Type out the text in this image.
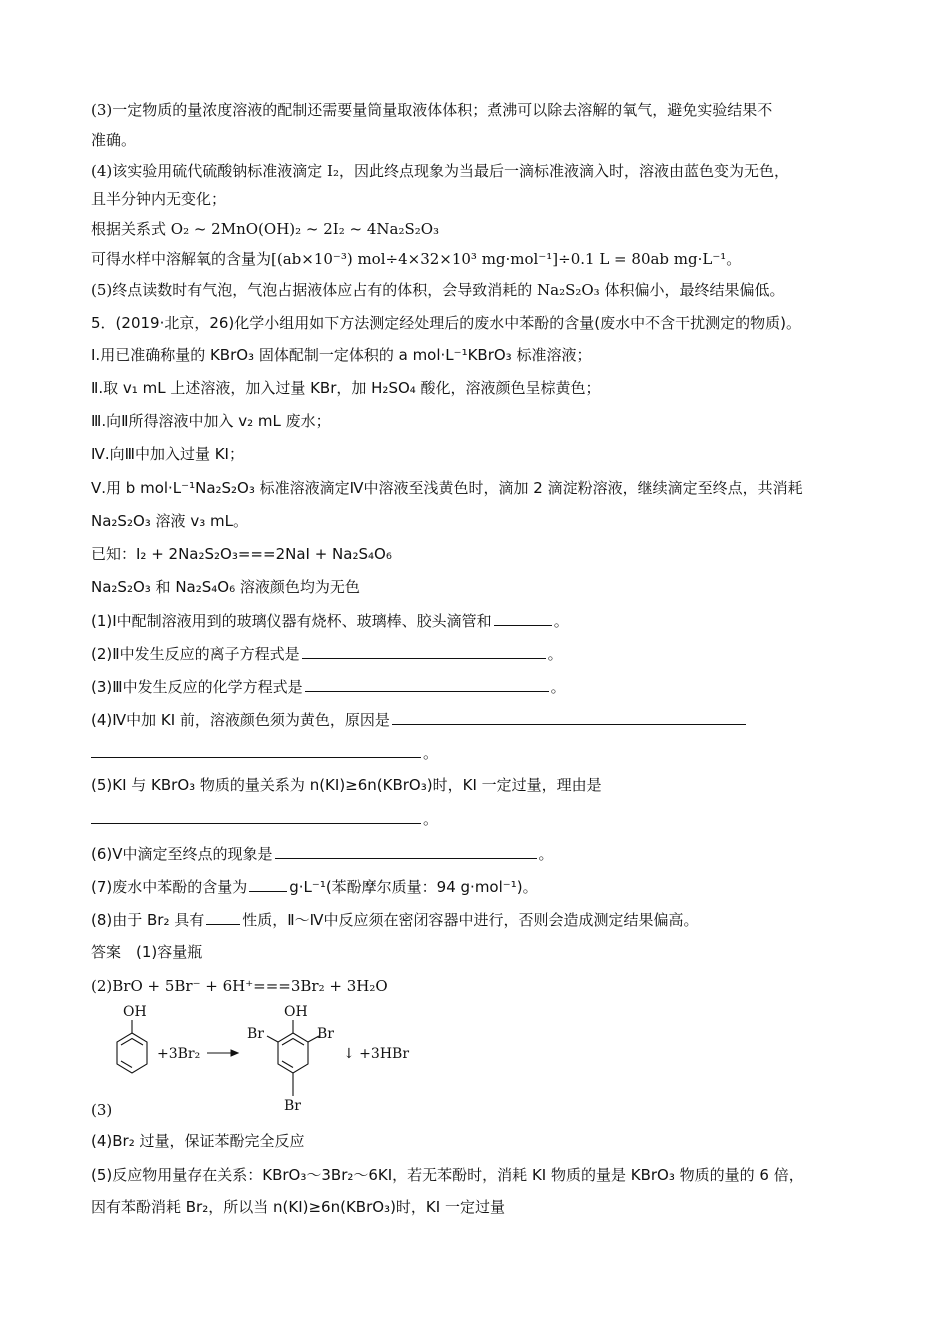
(3)一定物质的量浓度溶液的配制还需要量筒量取液体体积；煮沸可以除去溶解的氧气，避免实验结果不
准确。
(4)该实验用硫代硫酸钠标准液滴定 I₂，因此终点现象为当最后一滴标准液滴入时，溶液由蓝色变为无色，
且半分钟内无变化；
根据关系式 O₂ ~ 2MnO(OH)₂ ~ 2I₂ ~ 4Na₂S₂O₃
可得水样中溶解氧的含量为[(ab×10⁻³) mol÷4×32×10³ mg·mol⁻¹]÷0.1 L = 80ab mg·L⁻¹。
(5)终点读数时有气泡，气泡占据液体应占有的体积，会导致消耗的 Na₂S₂O₃ 体积偏小，最终结果偏低。
5．(2019·北京，26)化学小组用如下方法测定经处理后的废水中苯酚的含量(废水中不含干扰测定的物质)。
Ⅰ.用已准确称量的 KBrO₃ 固体配制一定体积的 a mol·L⁻¹KBrO₃ 标准溶液；
Ⅱ.取 v₁ mL 上述溶液，加入过量 KBr，加 H₂SO₄ 酸化，溶液颜色呈棕黄色；
Ⅲ.向Ⅱ所得溶液中加入 v₂ mL 废水；
Ⅳ.向Ⅲ中加入过量 KI；
Ⅴ.用 b mol·L⁻¹Na₂S₂O₃ 标准溶液滴定Ⅳ中溶液至浅黄色时，滴加 2 滴淀粉溶液，继续滴定至终点，共消耗
Na₂S₂O₃ 溶液 v₃ mL。
已知：I₂ + 2Na₂S₂O₃===2NaI + Na₂S₄O₆
Na₂S₂O₃ 和 Na₂S₄O₆ 溶液颜色均为无色
(1)Ⅰ中配制溶液用到的玻璃仪器有烧杯、玻璃棒、胶头滴管和	。
(2)Ⅱ中发生反应的离子方程式是	。
(3)Ⅲ中发生反应的化学方程式是	。
(4)Ⅳ中加 KI 前，溶液颜色须为黄色，原因是
。
(5)KI 与 KBrO₃ 物质的量关系为 n(KI)≥6n(KBrO₃)时，KI 一定过量，理由是
。
(6)Ⅴ中滴定至终点的现象是	。
(7)废水中苯酚的含量为	g·L⁻¹(苯酚摩尔质量：94 g·mol⁻¹)。
(8)由于 Br₂ 具有	性质，Ⅱ～Ⅳ中反应须在密闭容器中进行，否则会造成测定结果偏高。
答案　(1)容量瓶
(2)BrO + 5Br⁻ + 6H⁺===3Br₂ + 3H₂O
OH
+3Br₂
OH
Br	Br
Br
↓ +3HBr
(3)
(4)Br₂ 过量，保证苯酚完全反应
(5)反应物用量存在关系：KBrO₃～3Br₂～6KI，若无苯酚时，消耗 KI 物质的量是 KBrO₃ 物质的量的 6 倍，
因有苯酚消耗 Br₂，所以当 n(KI)≥6n(KBrO₃)时，KI 一定过量
